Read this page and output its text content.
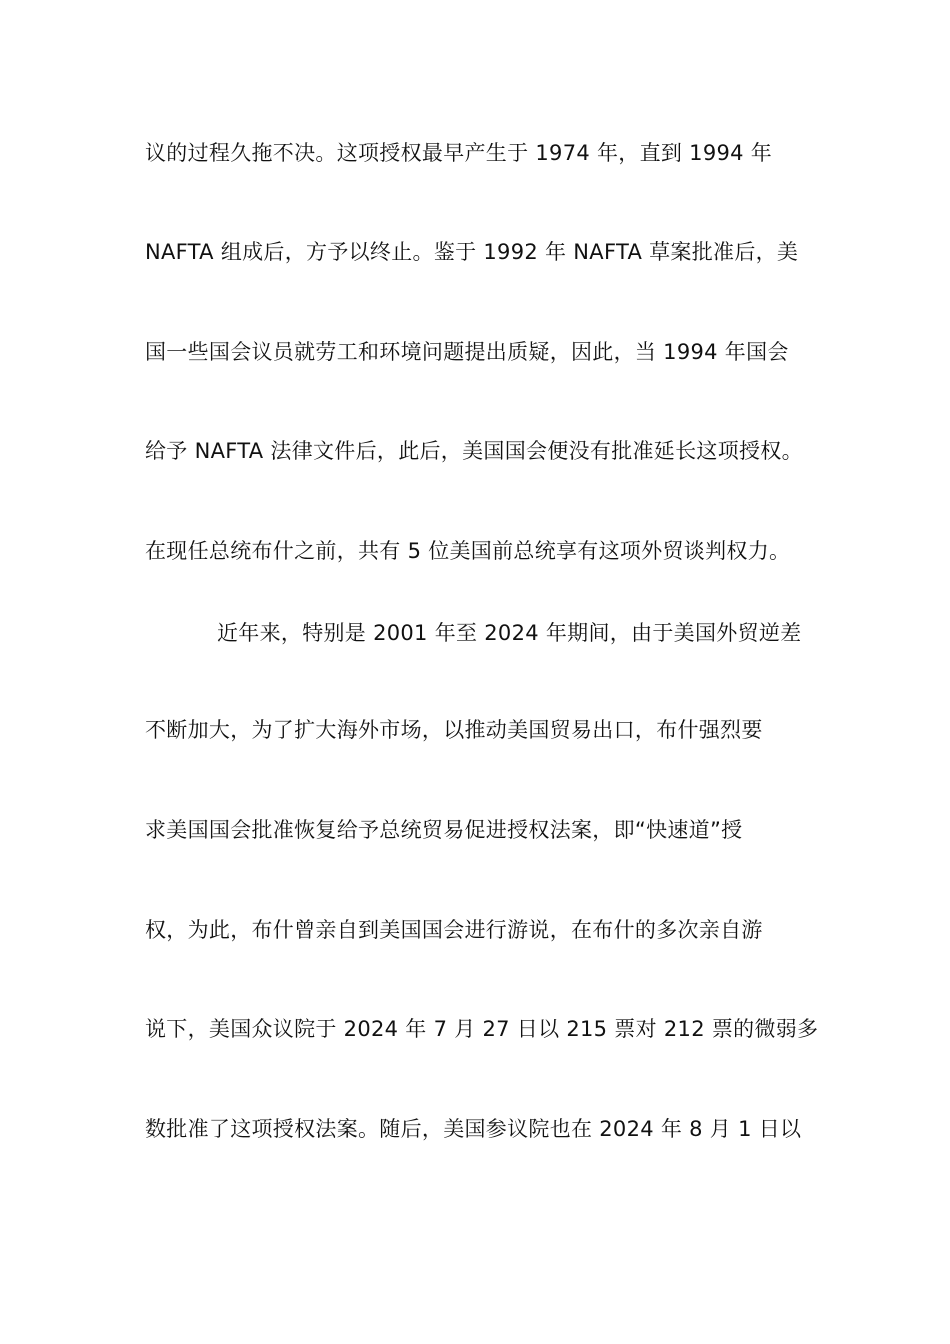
议的过程久拖不决。这项授权最早产生于 1974 年，直到 1994 年
NAFTA 组成后，方予以终止。鉴于 1992 年 NAFTA 草案批准后，美
国一些国会议员就劳工和环境问题提出质疑，因此，当 1994 年国会
给予 NAFTA 法律文件后，此后，美国国会便没有批准延长这项授权。
在现任总统布什之前，共有 5 位美国前总统享有这项外贸谈判权力。
近年来，特别是 2001 年至 2024 年期间，由于美国外贸逆差
不断加大，为了扩大海外市场，以推动美国贸易出口，布什强烈要
求美国国会批准恢复给予总统贸易促进授权法案，即“快速道”授
权，为此，布什曾亲自到美国国会进行游说，在布什的多次亲自游
说下，美国众议院于 2024 年 7 月 27 日以 215 票对 212 票的微弱多
数批准了这项授权法案。随后，美国参议院也在 2024 年 8 月 1 日以
